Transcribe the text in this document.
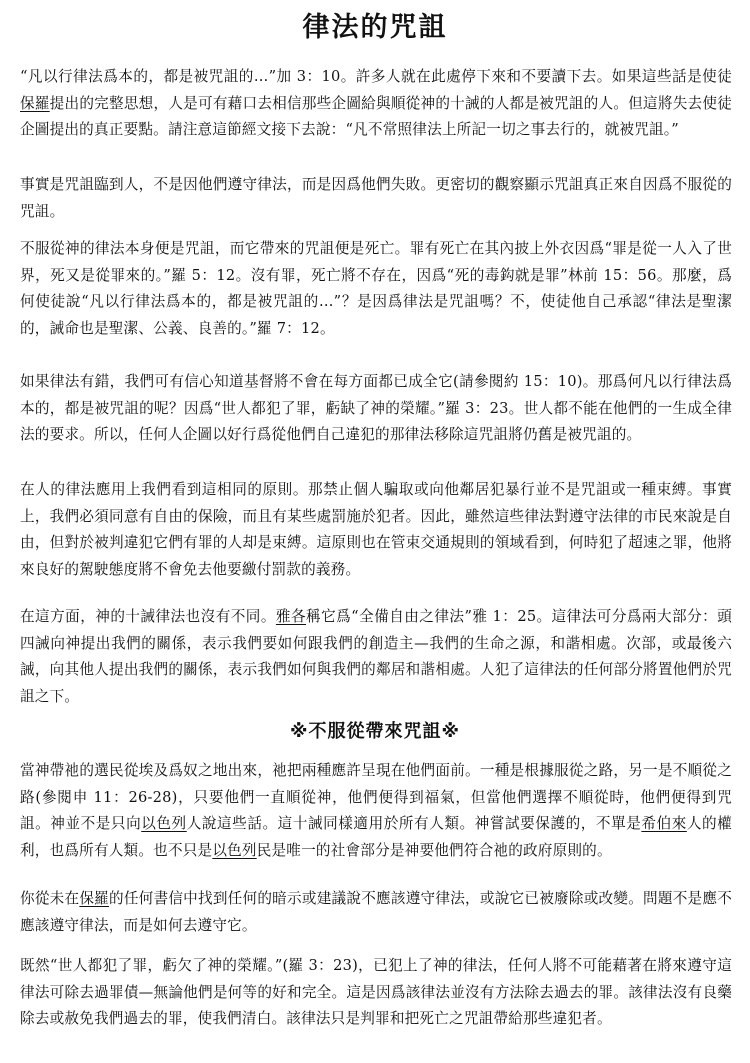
律法的咒詛

“凡以行律法爲本的，都是被咒詛的…”加 3：10。許多人就在此處停下來和不要讀下去。如果這些話是使徒保羅提出的完整思想，人是可有藉口去相信那些企圖給與順從神的十誡的人都是被咒詛的人。但這將失去使徒企圖提出的真正要點。請注意這節經文接下去說：“凡不常照律法上所記一切之事去行的，就被咒詛。”

事實是咒詛臨到人，不是因他們遵守律法，而是因爲他們失敗。更密切的觀察顯示咒詛真正來自因爲不服從的咒詛。

不服從神的律法本身便是咒詛，而它帶來的咒詛便是死亡。罪有死亡在其內披上外衣因爲“罪是從一人入了世界，死又是從罪來的。”羅 5：12。沒有罪，死亡將不存在，因爲“死的毒鈎就是罪”林前 15：56。那麼，爲何使徒說“凡以行律法爲本的，都是被咒詛的…”？是因爲律法是咒詛嗎？不，使徒他自己承認“律法是聖潔的，誡命也是聖潔、公義、良善的。”羅 7：12。

如果律法有錯，我們可有信心知道基督將不會在每方面都已成全它(請參閱約 15：10)。那爲何凡以行律法爲本的，都是被咒詛的呢？因爲“世人都犯了罪，虧缺了神的榮耀。”羅 3：23。世人都不能在他們的一生成全律法的要求。所以，任何人企圖以好行爲從他們自己違犯的那律法移除這咒詛將仍舊是被咒詛的。

在人的律法應用上我們看到這相同的原則。那禁止個人騙取或向他鄰居犯暴行並不是咒詛或一種束縛。事實上，我們必須同意有自由的保險，而且有某些處罰施於犯者。因此，雖然這些律法對遵守法律的市民來說是自由，但對於被判違犯它們有罪的人却是束縛。這原則也在管束交通規則的領域看到，何時犯了超速之罪，他將來良好的駕駛態度將不會免去他要繳付罰款的義務。

在這方面，神的十誡律法也沒有不同。雅各稱它爲“全備自由之律法”雅 1：25。這律法可分爲兩大部分：頭四誡向神提出我們的關係，表示我們要如何跟我們的創造主—我們的生命之源，和諧相處。次部，或最後六誡，向其他人提出我們的關係，表示我們如何與我們的鄰居和諧相處。人犯了這律法的任何部分將置他們於咒詛之下。

※不服從帶來咒詛※

當神帶祂的選民從埃及爲奴之地出來，祂把兩種應許呈現在他們面前。一種是根據服從之路，另一是不順從之路(參閱申 11：26-28)，只要他們一直順從神，他們便得到福氣，但當他們選擇不順從時，他們便得到咒詛。神並不是只向以色列人說這些話。這十誡同樣適用於所有人類。神嘗試要保護的，不單是希伯來人的權利，也爲所有人類。也不只是以色列民是唯一的社會部分是神要他們符合祂的政府原則的。

你從未在保羅的任何書信中找到任何的暗示或建議說不應該遵守律法，或說它已被廢除或改變。問題不是應不應該遵守律法，而是如何去遵守它。

既然“世人都犯了罪，虧欠了神的榮耀。”(羅 3：23)，已犯上了神的律法，任何人將不可能藉著在將來遵守這律法可除去過罪債—無論他們是何等的好和完全。這是因爲該律法並沒有方法除去過去的罪。該律法沒有良藥除去或赦免我們過去的罪，使我們清白。該律法只是判罪和把死亡之咒詛帶給那些違犯者。
